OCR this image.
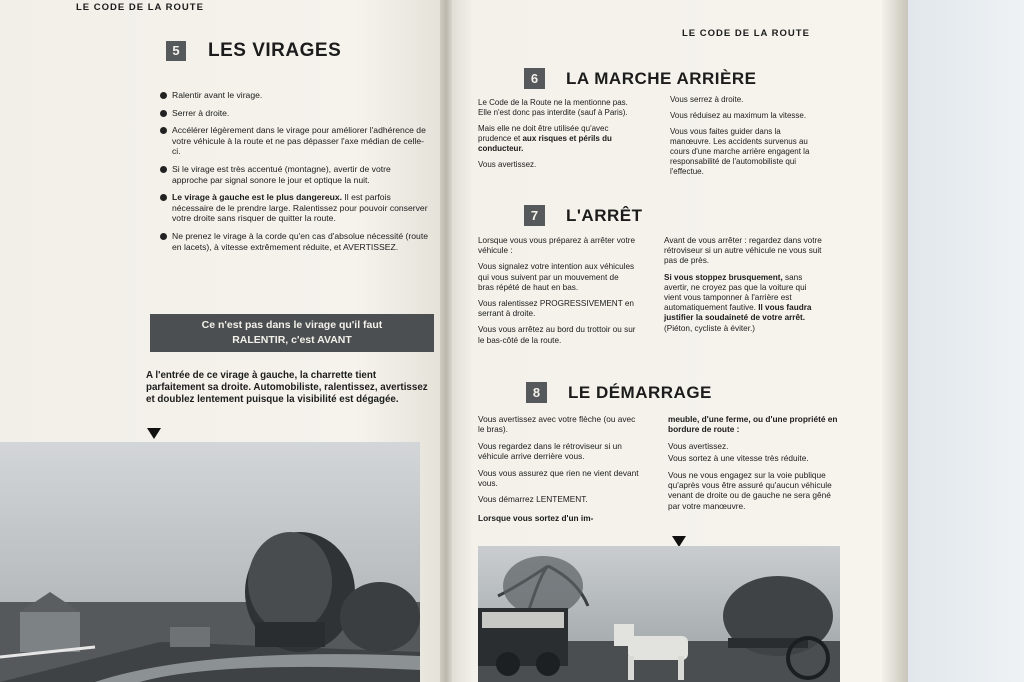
LE CODE DE LA ROUTE
5	LES VIRAGES
Ralentir avant le virage.
Serrer à droite.
Accélérer légèrement dans le virage pour améliorer l'adhérence de votre véhicule à la route et ne pas dépasser l'axe médian de celle-ci.
Si le virage est très accentué (montagne), avertir de votre approche par signal sonore le jour et optique la nuit.
Le virage à gauche est le plus dangereux. Il est parfois nécessaire de le prendre large. Ralentissez pour pouvoir conserver votre droite sans risquer de quitter la route.
Ne prenez le virage à la corde qu'en cas d'absolue nécessité (route en lacets), à vitesse extrêmement réduite, et AVERTISSEZ.
Ce n'est pas dans le virage qu'il faut
RALENTIR, c'est AVANT
A l'entrée de ce virage à gauche, la charrette tient parfaitement sa droite. Automobiliste, ralentissez, avertissez et doublez lentement puisque la visibilité est dégagée.
LE CODE DE LA ROUTE
6	LA MARCHE ARRIÈRE

Le Code de la Route ne la mentionne pas. Elle n'est donc pas interdite (sauf à Paris).

Mais elle ne doit être utilisée qu'avec prudence et aux risques et périls du conducteur.

Vous avertissez.

Vous serrez à droite.

Vous réduisez au maximum la vitesse.

Vous vous faites guider dans la manœuvre. Les accidents survenus au cours d'une marche arrière engagent la responsabilité de l'automobiliste qui l'effectue.

7	L'ARRÊT

Lorsque vous vous préparez à arrêter votre véhicule :

Vous signalez votre intention aux véhicules qui vous suivent par un mouvement de bras répété de haut en bas.

Vous ralentissez PROGRESSIVEMENT en serrant à droite.

Vous vous arrêtez au bord du trottoir ou sur le bas-côté de la route.

Avant de vous arrêter : regardez dans votre rétroviseur si un autre véhicule ne vous suit pas de près.

Si vous stoppez brusquement, sans avertir, ne croyez pas que la voiture qui vient vous tamponner à l'arrière est automatiquement fautive. Il vous faudra justifier la soudaineté de votre arrêt. (Piéton, cycliste à éviter.)

8	LE DÉMARRAGE

Vous avertissez avec votre flèche (ou avec le bras).

Vous regardez dans le rétroviseur si un véhicule arrive derrière vous.

Vous vous assurez que rien ne vient devant vous.

Vous démarrez LENTEMENT.

Lorsque vous sortez d'un im-

meuble, d'une ferme, ou d'une propriété en bordure de route :

Vous avertissez.

Vous sortez à une vitesse très réduite.

Vous ne vous engagez sur la voie publique qu'après vous être assuré qu'aucun véhicule venant de droite ou de gauche ne sera gêné par votre manœuvre.
